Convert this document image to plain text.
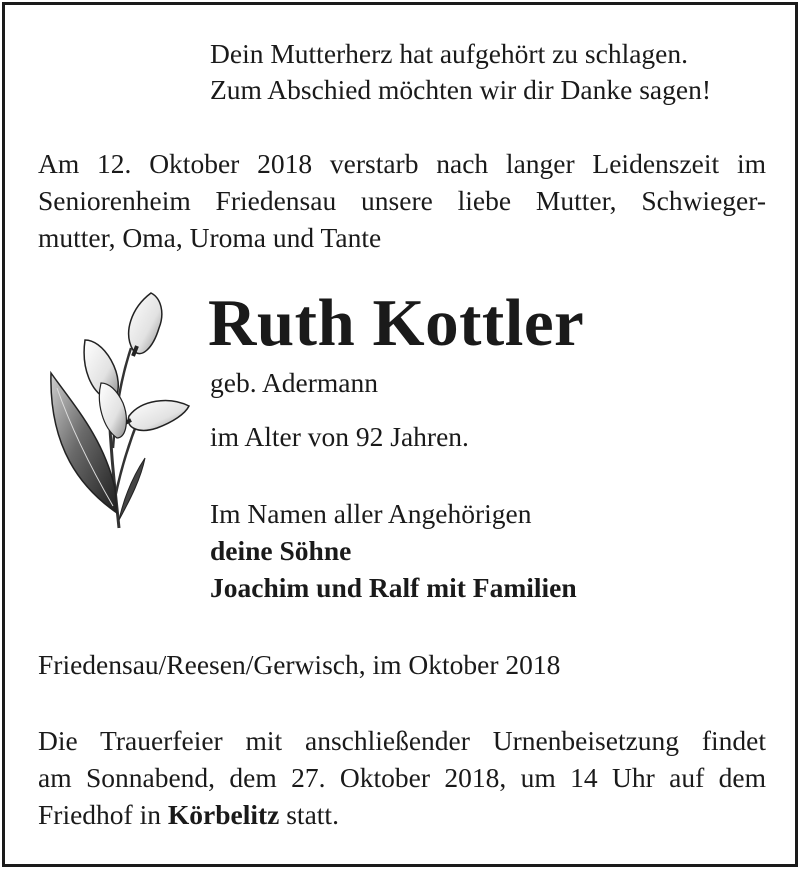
Dein Mutterherz hat aufgehört zu schlagen.
Zum Abschied möchten wir dir Danke sagen!
Am 12. Oktober 2018 verstarb nach langer Leidenszeit im
Seniorenheim Friedensau unsere liebe Mutter, Schwieger-
mutter, Oma, Uroma und Tante
Ruth Kottler
geb. Adermann
im Alter von 92 Jahren.
Im Namen aller Angehörigen
deine Söhne
Joachim und Ralf mit Familien
Friedensau/Reesen/Gerwisch, im Oktober 2018
Die Trauerfeier mit anschließender Urnenbeisetzung findet
am Sonnabend, dem 27. Oktober 2018, um 14 Uhr auf dem
Friedhof in Körbelitz statt.
